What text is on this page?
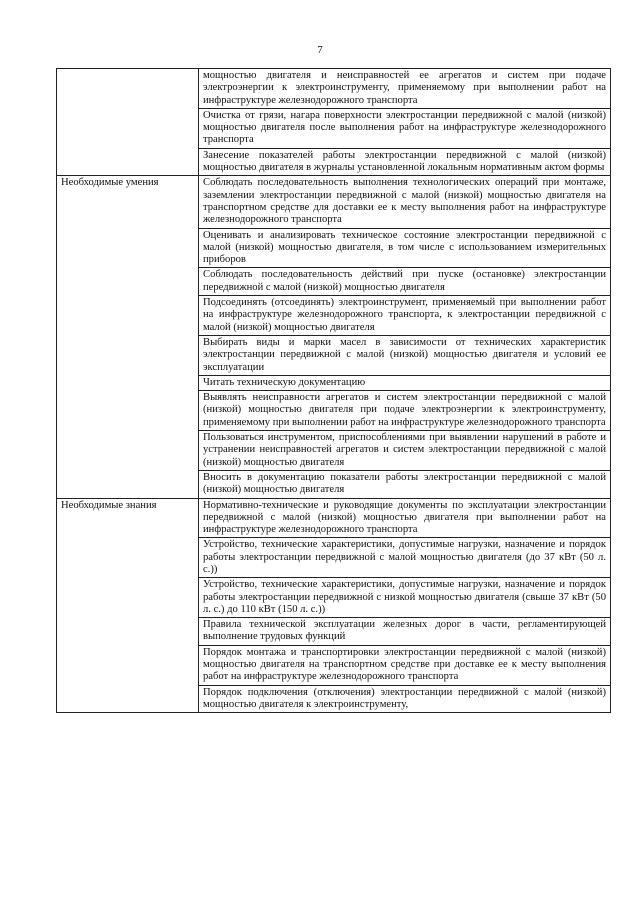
7
	мощностью двигателя и неисправностей ее агрегатов и систем при подаче электроэнергии к электроинструменту, применяемому при выполнении работ на инфраструктуре железнодорожного транспорта
	Очистка от грязи, нагара поверхности электростанции передвижной с малой (низкой) мощностью двигателя после выполнения работ на инфраструктуре железнодорожного транспорта
	Занесение показателей работы электростанции передвижной с малой (низкой) мощностью двигателя в журналы установленной локальным нормативным актом формы
Необходимые умения	Соблюдать последовательность выполнения технологических операций при монтаже, заземлении электростанции передвижной с малой (низкой) мощностью двигателя на транспортном средстве для доставки ее к месту выполнения работ на инфраструктуре железнодорожного транспорта
	Оценивать и анализировать техническое состояние электростанции передвижной с малой (низкой) мощностью двигателя, в том числе с использованием измерительных приборов
	Соблюдать последовательность действий при пуске (остановке) электростанции передвижной с малой (низкой) мощностью двигателя
	Подсоединять (отсоединять) электроинструмент, применяемый при выполнении работ на инфраструктуре железнодорожного транспорта, к электростанции передвижной с малой (низкой) мощностью двигателя
	Выбирать виды и марки масел в зависимости от технических характеристик электростанции передвижной с малой (низкой) мощностью двигателя и условий ее эксплуатации
	Читать техническую документацию
	Выявлять неисправности агрегатов и систем электростанции передвижной с малой (низкой) мощностью двигателя при подаче электроэнергии к электроинструменту, применяемому при выполнении работ на инфраструктуре железнодорожного транспорта
	Пользоваться инструментом, приспособлениями при выявлении нарушений в работе и устранении неисправностей агрегатов и систем электростанции передвижной с малой (низкой) мощностью двигателя
	Вносить в документацию показатели работы электростанции передвижной с малой (низкой) мощностью двигателя
Необходимые знания	Нормативно-технические и руководящие документы по эксплуатации электростанции передвижной с малой (низкой) мощностью двигателя при выполнении работ на инфраструктуре железнодорожного транспорта
	Устройство, технические характеристики, допустимые нагрузки, назначение и порядок работы электростанции передвижной с малой мощностью двигателя (до 37 кВт (50 л. с.))
	Устройство, технические характеристики, допустимые нагрузки, назначение и порядок работы электростанции передвижной с низкой мощностью двигателя (свыше 37 кВт (50 л. с.) до 110 кВт (150 л. с.))
	Правила технической эксплуатации железных дорог в части, регламентирующей выполнение трудовых функций
	Порядок монтажа и транспортировки электростанции передвижной с малой (низкой) мощностью двигателя на транспортном средстве при доставке ее к месту выполнения работ на инфраструктуре железнодорожного транспорта
	Порядок подключения (отключения) электростанции передвижной с малой (низкой) мощностью двигателя к электроинструменту,
